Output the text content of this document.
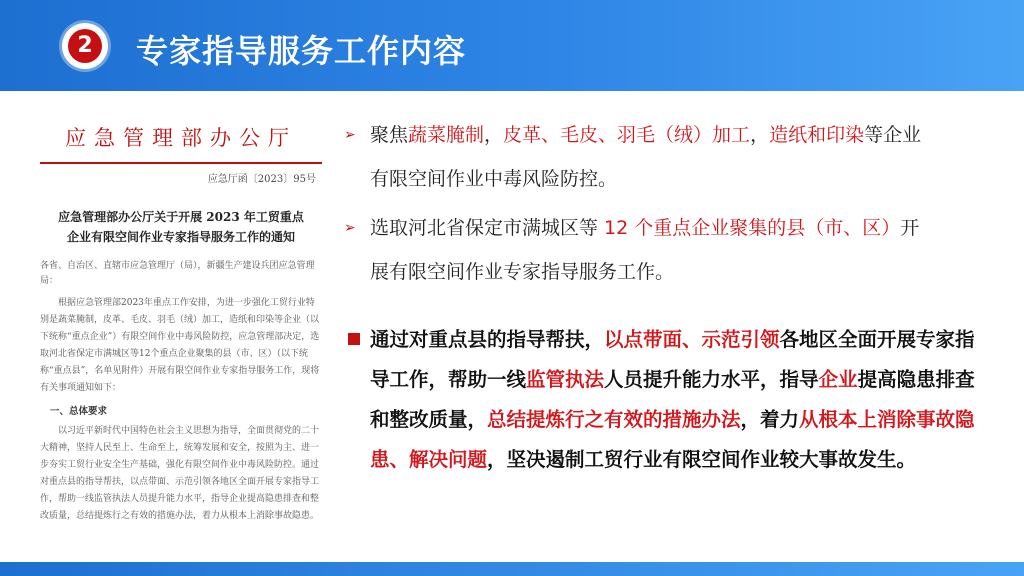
2 专家指导服务工作内容
应急管理部办公厅
应急厅函〔2023〕95号
应急管理部办公厅关于开展 2023 年工贸重点
企业有限空间作业专家指导服务工作的通知
各省、自治区、直辖市应急管理厅（局），新疆生产建设兵团应急管理局：

根据应急管理部2023年重点工作安排，为进一步强化工贸行业特别是蔬菜腌制，皮革、毛皮、羽毛（绒）加工，造纸和印染等企业（以下统称“重点企业”）有限空间作业中毒风险防控，应急管理部决定，选取河北省保定市满城区等12个重点企业聚集的县（市、区）（以下统称“重点县”，名单见附件）开展有限空间作业专家指导服务工作，现将有关事项通知如下：

一、总体要求

以习近平新时代中国特色社会主义思想为指导，全面贯彻党的二十大精神，坚持人民至上、生命至上，统筹发展和安全，按照为主、进一步夯实工贸行业安全生产基础，强化有限空间作业中毒风险防控。通过对重点县的指导帮扶，以点带面、示范引领各地区全面开展专家指导工作，帮助一线监管执法人员提升能力水平，指导企业提高隐患排查和整改质量，总结提炼行之有效的措施办法，着力从根本上消除事故隐患。

➢ 聚焦蔬菜腌制，皮革、毛皮、羽毛（绒）加工，造纸和印染等企业
有限空间作业中毒风险防控。
➢ 选取河北省保定市满城区等 12 个重点企业聚集的县（市、区）开
展有限空间作业专家指导服务工作。
通过对重点县的指导帮扶，以点带面、示范引领各地区全面开展专家指导工作，帮助一线监管执法人员提升能力水平，指导企业提高隐患排查和整改质量，总结提炼行之有效的措施办法，着力从根本上消除事故隐患、解决问题，坚决遏制工贸行业有限空间作业较大事故发生。
